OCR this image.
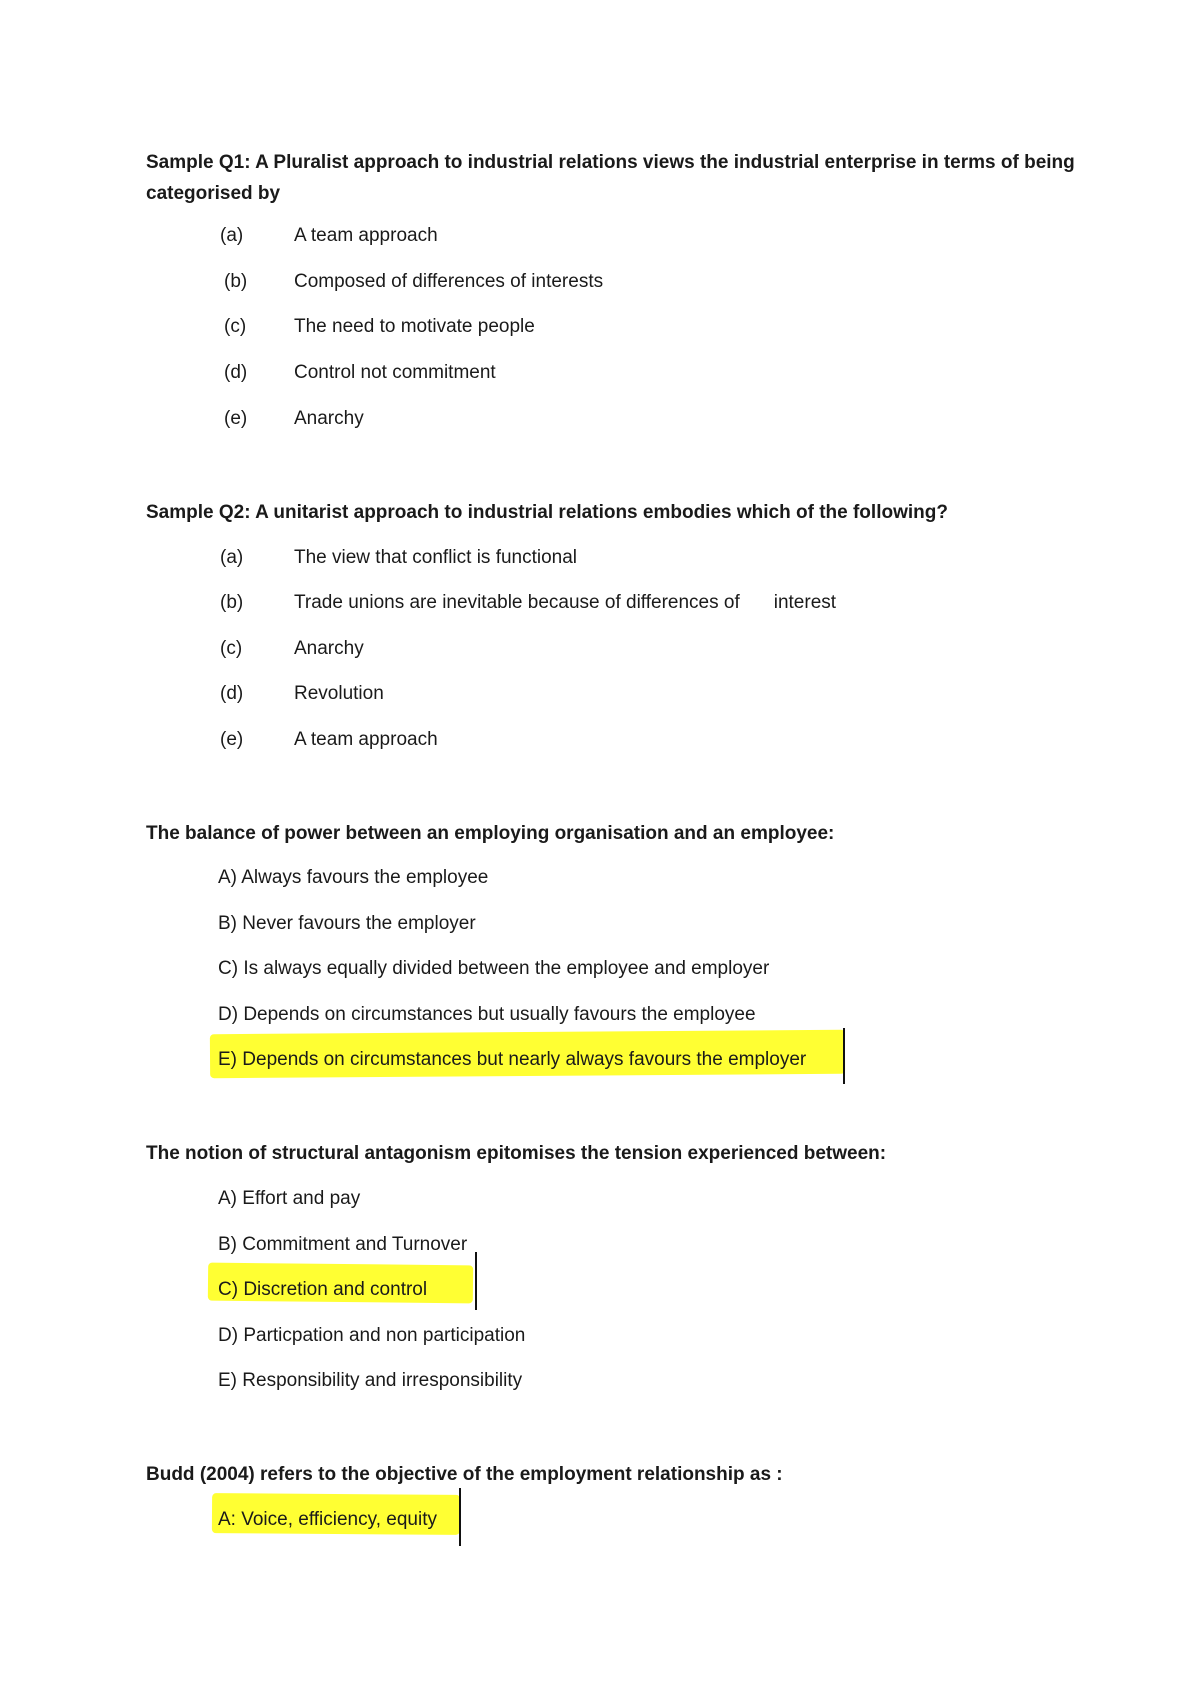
Sample Q1: A Pluralist approach to industrial relations views the industrial enterprise in terms of being categorised by
(a)	A team approach
(b) Composed of differences of interests
(c)	The need to motivate people
(d) Control not commitment
(e) Anarchy
Sample Q2: A unitarist approach to industrial relations embodies which of the following?
(a)	The view that conflict is functional
(b)	Trade unions are inevitable because of differences of interest
(c)	Anarchy
(d)	Revolution
(e)	A team approach
The balance of power between an employing organisation and an employee:
A) Always favours the employee
B) Never favours the employer
C) Is always equally divided between the employee and employer
D) Depends on circumstances but usually favours the employee
E) Depends on circumstances but nearly always favours the employer
The notion of structural antagonism epitomises the tension experienced between:
A) Effort and pay
B) Commitment and Turnover
C) Discretion and control
D) Particpation and non participation
E) Responsibility and irresponsibility
Budd (2004) refers to the objective of the employment relationship as :
A: Voice, efficiency, equity
